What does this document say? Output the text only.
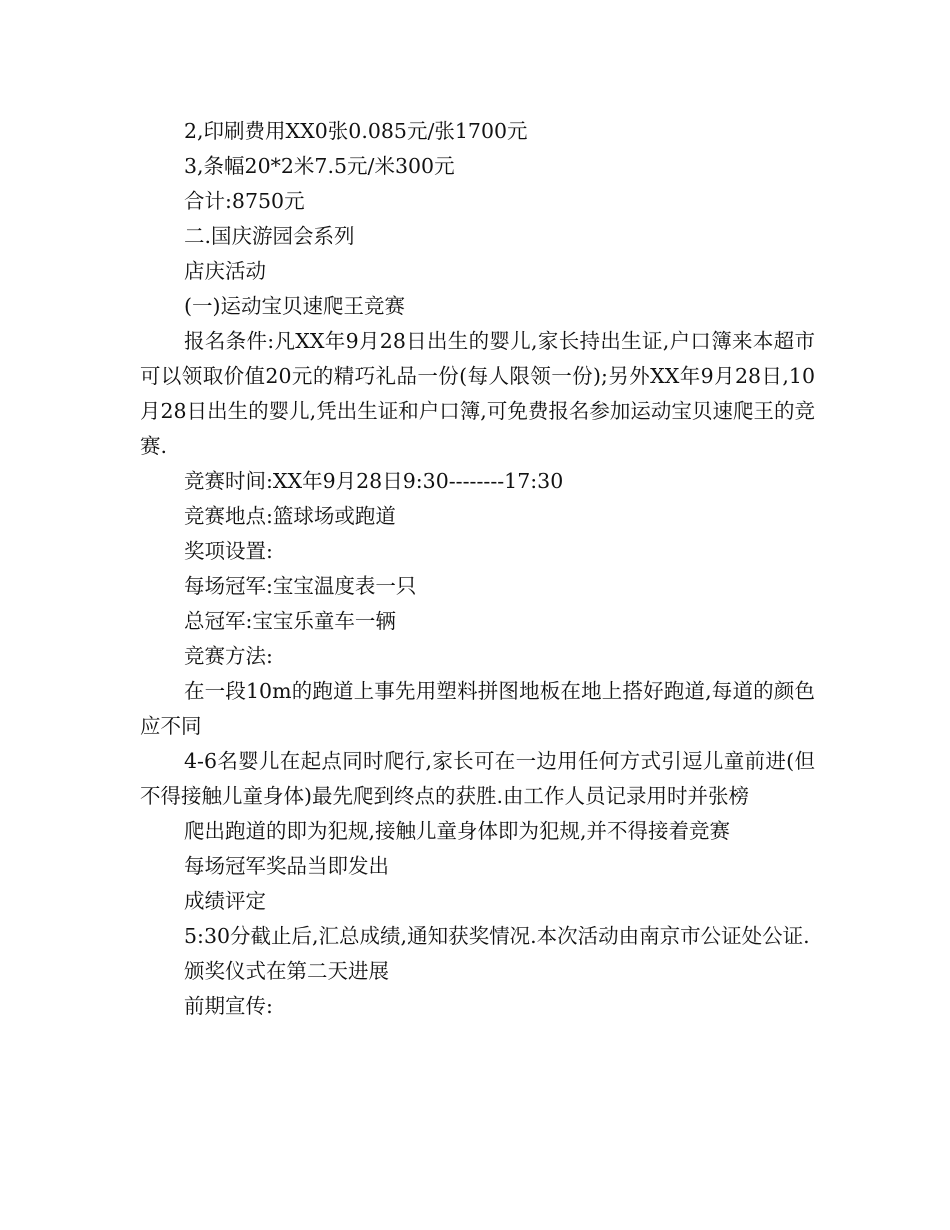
2,印刷费用XX0张0.085元/张1700元

3,条幅20*2米7.5元/米300元

合计:8750元

二.国庆游园会系列

店庆活动

(一)运动宝贝速爬王竞赛

报名条件:凡XX年9月28日出生的婴儿,家长持出生证,户口簿来本超市可以领取价值20元的精巧礼品一份(每人限领一份);另外XX年9月28日,10月28日出生的婴儿,凭出生证和户口簿,可免费报名参加运动宝贝速爬王的竞赛.

竞赛时间:XX年9月28日9:30--------17:30

竞赛地点:篮球场或跑道

奖项设置:

每场冠军:宝宝温度表一只

总冠军:宝宝乐童车一辆

竞赛方法:

在一段10m的跑道上事先用塑料拼图地板在地上搭好跑道,每道的颜色应不同

4-6名婴儿在起点同时爬行,家长可在一边用任何方式引逗儿童前进(但不得接触儿童身体)最先爬到终点的获胜.由工作人员记录用时并张榜

爬出跑道的即为犯规,接触儿童身体即为犯规,并不得接着竞赛

每场冠军奖品当即发出

成绩评定

5:30分截止后,汇总成绩,通知获奖情况.本次活动由南京市公证处公证.

颁奖仪式在第二天进展

前期宣传:
